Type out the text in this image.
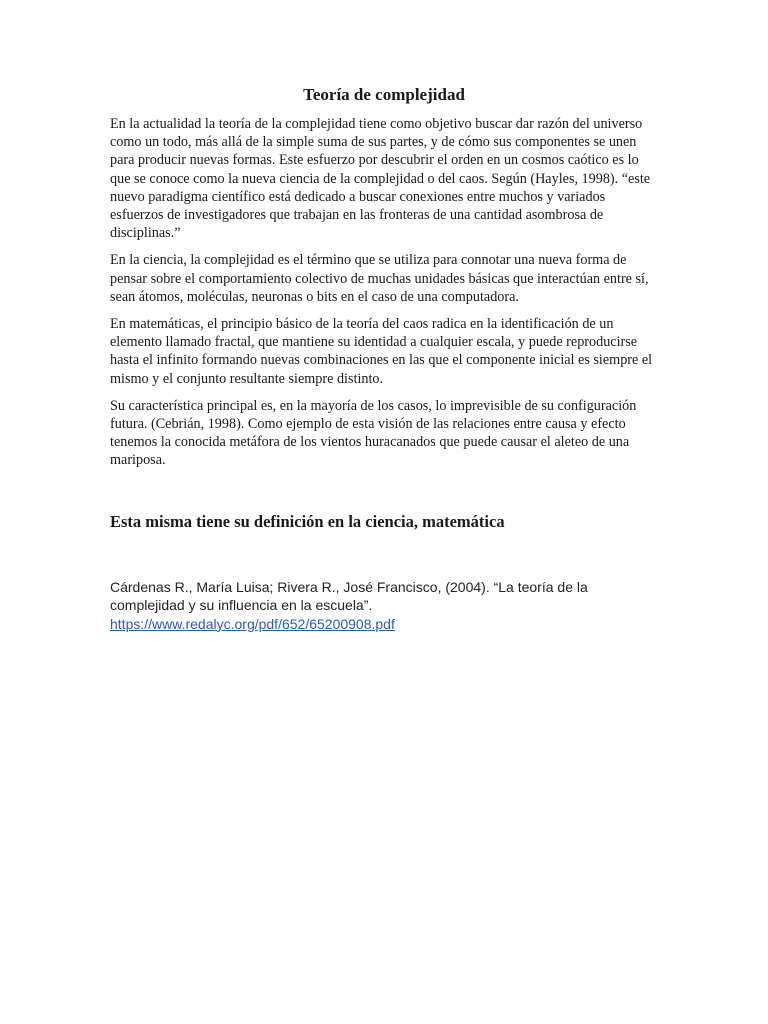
Teoría de complejidad

En la actualidad la teoría de la complejidad tiene como objetivo buscar dar razón del universo como un todo, más allá de la simple suma de sus partes, y de cómo sus componentes se unen para producir nuevas formas. Este esfuerzo por descubrir el orden en un cosmos caótico es lo que se conoce como la nueva ciencia de la complejidad o del caos. Según (Hayles, 1998). “este nuevo paradigma científico está dedicado a buscar conexiones entre muchos y variados esfuerzos de investigadores que trabajan en las fronteras de una cantidad asombrosa de disciplinas.”

En la ciencia, la complejidad es el término que se utiliza para connotar una nueva forma de pensar sobre el comportamiento colectivo de muchas unidades básicas que interactúan entre sí, sean átomos, moléculas, neuronas o bits en el caso de una computadora.

En matemáticas, el principio básico de la teoría del caos radica en la identificación de un elemento llamado fractal, que mantiene su identidad a cualquier escala, y puede reproducirse hasta el infinito formando nuevas combinaciones en las que el componente inicial es siempre el mismo y el conjunto resultante siempre distinto.

Su característica principal es, en la mayoría de los casos, lo imprevisible de su configuración futura. (Cebrián, 1998). Como ejemplo de esta visión de las relaciones entre causa y efecto tenemos la conocida metáfora de los vientos huracanados que puede causar el aleteo de una mariposa.

Esta misma tiene su definición en la ciencia, matemática
Cárdenas R., María Luisa; Rivera R., José Francisco, (2004). “La teoría de la complejidad y su influencia en la escuela”.
https://www.redalyc.org/pdf/652/65200908.pdf
